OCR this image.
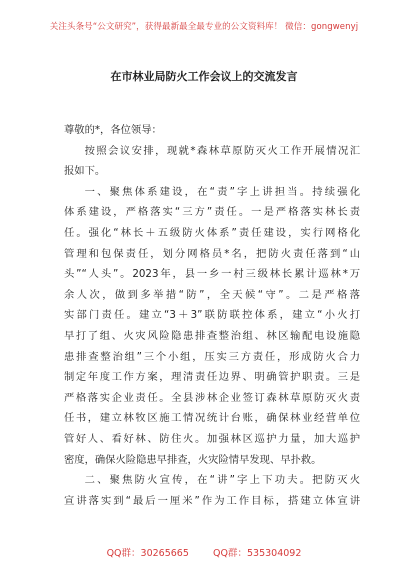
关注头条号“公文研究”，获得最新最全最专业的公文资料库！ 微信：gongwenyj
在市林业局防火工作会议上的交流发言
尊敬的*，各位领导：
按照会议安排，现就*森林草原防灭火工作开展情况汇
报如下。
一、聚焦体系建设，在“责”字上讲担当。持续强化
体系建设，严格落实“三方”责任。一是严格落实林长责
任。强化“林长＋五级防火体系”责任建设，实行网格化
管理和包保责任，划分网格员*名，把防火责任落到“山
头”“人头”。2023年，县一乡一村三级林长累计巡林*万
余人次，做到多举措“防”，全天候“守”。二是严格落
实部门责任。建立“3＋3”联防联控体系，建立“小火打
早打了组、火灾风险隐患排查整治组、林区输配电设施隐
患排查整治组”三个小组，压实三方责任，形成防火合力
制定年度工作方案，理清责任边界、明确管护职责。三是
严格落实企业责任。全县涉林企业签订森林草原防灭火责
任书，建立林牧区施工情况统计台账，确保林业经营单位
管好人、看好林、防住火。加强林区巡护力量，加大巡护
密度，确保火险隐患早排查，火灾险情早发现、早扑救。
二、聚焦防火宣传，在“讲”字上下功夫。把防灭火
宣讲落实到“最后一厘米”作为工作目标，搭建立体宣讲
QQ群：30265665        QQ群：535304092
